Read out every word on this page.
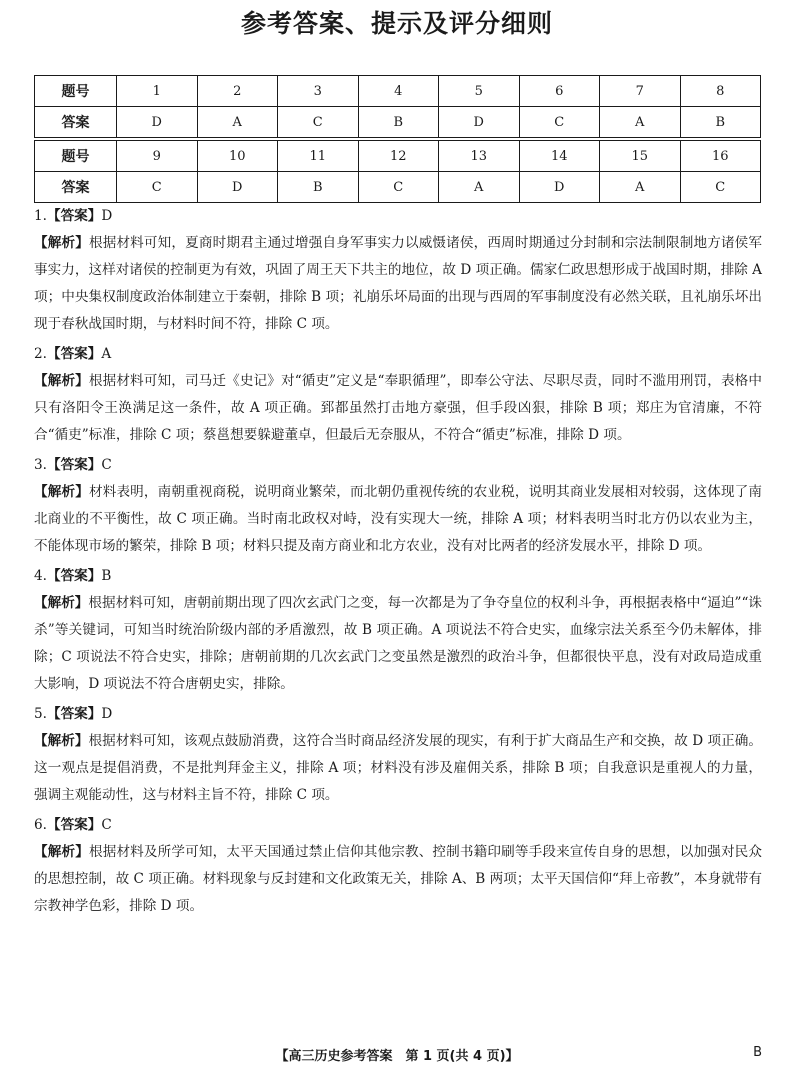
参考答案、提示及评分细则
题号	1	2	3	4	5	6	7	8
答案	D	A	C	B	D	C	A	B
题号	9	10	11	12	13	14	15	16
答案	C	D	B	C	A	D	A	C
1.【答案】D
【解析】根据材料可知，夏商时期君主通过增强自身军事实力以威慑诸侯，西周时期通过分封制和宗法制限制地方诸侯军事实力，这样对诸侯的控制更为有效，巩固了周王天下共主的地位，故 D 项正确。儒家仁政思想形成于战国时期，排除 A 项；中央集权制度政治体制建立于秦朝，排除 B 项；礼崩乐坏局面的出现与西周的军事制度没有必然关联，且礼崩乐坏出现于春秋战国时期，与材料时间不符，排除 C 项。
2.【答案】A
【解析】根据材料可知，司马迁《史记》对“循吏”定义是“奉职循理”，即奉公守法、尽职尽责，同时不滥用刑罚，表格中只有洛阳令王涣满足这一条件，故 A 项正确。郅都虽然打击地方豪强，但手段凶狠，排除 B 项；郑庄为官清廉，不符合“循吏”标准，排除 C 项；蔡邕想要躲避董卓，但最后无奈服从，不符合“循吏”标准，排除 D 项。
3.【答案】C
【解析】材料表明，南朝重视商税，说明商业繁荣，而北朝仍重视传统的农业税，说明其商业发展相对较弱，这体现了南北商业的不平衡性，故 C 项正确。当时南北政权对峙，没有实现大一统，排除 A 项；材料表明当时北方仍以农业为主，不能体现市场的繁荣，排除 B 项；材料只提及南方商业和北方农业，没有对比两者的经济发展水平，排除 D 项。
4.【答案】B
【解析】根据材料可知，唐朝前期出现了四次玄武门之变，每一次都是为了争夺皇位的权利斗争，再根据表格中“逼迫”“诛杀”等关键词，可知当时统治阶级内部的矛盾激烈，故 B 项正确。A 项说法不符合史实，血缘宗法关系至今仍未解体，排除；C 项说法不符合史实，排除；唐朝前期的几次玄武门之变虽然是激烈的政治斗争，但都很快平息，没有对政局造成重大影响，D 项说法不符合唐朝史实，排除。
5.【答案】D
【解析】根据材料可知，该观点鼓励消费，这符合当时商品经济发展的现实，有利于扩大商品生产和交换，故 D 项正确。这一观点是提倡消费，不是批判拜金主义，排除 A 项；材料没有涉及雇佣关系，排除 B 项；自我意识是重视人的力量，强调主观能动性，这与材料主旨不符，排除 C 项。
6.【答案】C
【解析】根据材料及所学可知，太平天国通过禁止信仰其他宗教、控制书籍印刷等手段来宣传自身的思想，以加强对民众的思想控制，故 C 项正确。材料现象与反封建和文化政策无关，排除 A、B 两项；太平天国信仰“拜上帝教”，本身就带有宗教神学色彩，排除 D 项。
【高三历史参考答案　第 1 页(共 4 页)】	B
